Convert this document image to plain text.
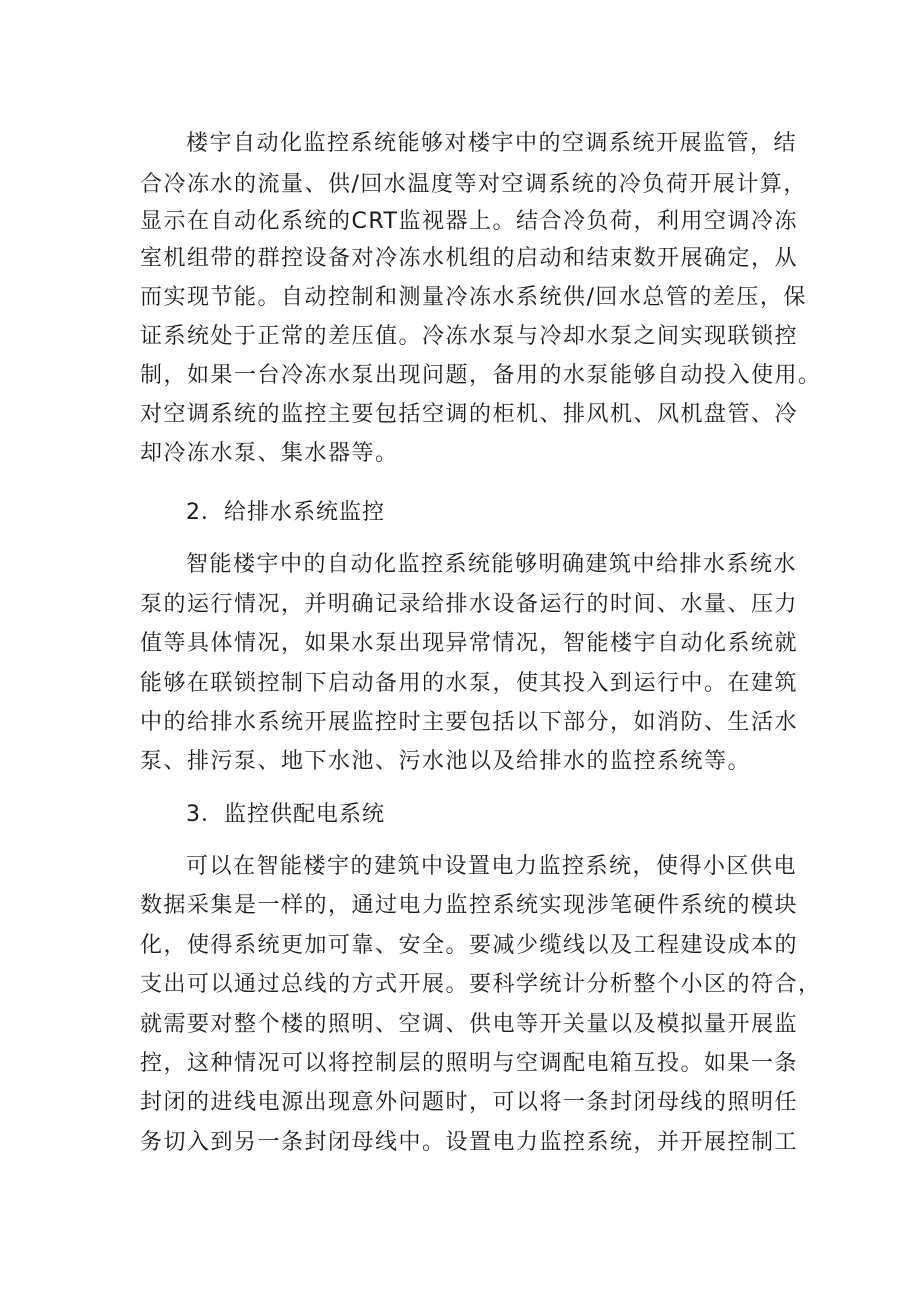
楼宇自动化监控系统能够对楼宇中的空调系统开展监管，结

合冷冻水的流量、供/回水温度等对空调系统的冷负荷开展计算，

显示在自动化系统的CRT监视器上。结合冷负荷，利用空调冷冻

室机组带的群控设备对冷冻水机组的启动和结束数开展确定，从

而实现节能。自动控制和测量冷冻水系统供/回水总管的差压，保

证系统处于正常的差压值。冷冻水泵与冷却水泵之间实现联锁控

制，如果一台冷冻水泵出现问题，备用的水泵能够自动投入使用。

对空调系统的监控主要包括空调的柜机、排风机、风机盘管、冷

却冷冻水泵、集水器等。

2．给排水系统监控

智能楼宇中的自动化监控系统能够明确建筑中给排水系统水

泵的运行情况，并明确记录给排水设备运行的时间、水量、压力

值等具体情况，如果水泵出现异常情况，智能楼宇自动化系统就

能够在联锁控制下启动备用的水泵，使其投入到运行中。在建筑

中的给排水系统开展监控时主要包括以下部分，如消防、生活水

泵、排污泵、地下水池、污水池以及给排水的监控系统等。

3．监控供配电系统

可以在智能楼宇的建筑中设置电力监控系统，使得小区供电

数据采集是一样的，通过电力监控系统实现涉笔硬件系统的模块

化，使得系统更加可靠、安全。要减少缆线以及工程建设成本的

支出可以通过总线的方式开展。要科学统计分析整个小区的符合，

就需要对整个楼的照明、空调、供电等开关量以及模拟量开展监

控，这种情况可以将控制层的照明与空调配电箱互投。如果一条

封闭的进线电源出现意外问题时，可以将一条封闭母线的照明任

务切入到另一条封闭母线中。设置电力监控系统，并开展控制工
